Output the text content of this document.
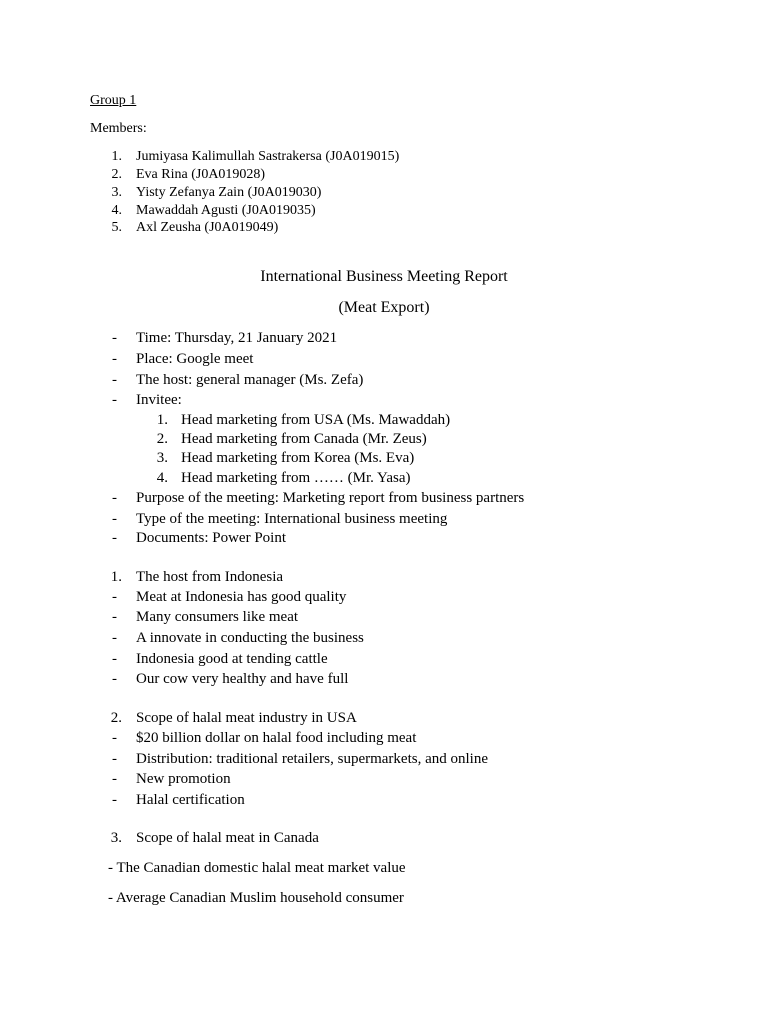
Group 1
Members:
1. Jumiyasa Kalimullah Sastrakersa (J0A019015)
2. Eva Rina (J0A019028)
3. Yisty Zefanya Zain (J0A019030)
4. Mawaddah Agusti (J0A019035)
5. Axl Zeusha (J0A019049)
International Business Meeting Report
(Meat Export)
- Time: Thursday, 21 January 2021
- Place: Google meet
- The host: general manager (Ms. Zefa)
- Invitee:
1. Head marketing from USA (Ms. Mawaddah)
2. Head marketing from Canada (Mr. Zeus)
3. Head marketing from Korea (Ms. Eva)
4. Head marketing from …… (Mr. Yasa)
- Purpose of the meeting: Marketing report from business partners
- Type of the meeting: International business meeting
- Documents: Power Point
1. The host from Indonesia
- Meat at Indonesia has good quality
- Many consumers like meat
- A innovate in conducting the business
- Indonesia good at tending cattle
- Our cow very healthy and have full
2. Scope of halal meat industry in USA
- $20 billion dollar on halal food including meat
- Distribution: traditional retailers, supermarkets, and online
- New promotion
- Halal certification
3. Scope of halal meat in Canada
- The Canadian domestic halal meat market value
- Average Canadian Muslim household consumer
